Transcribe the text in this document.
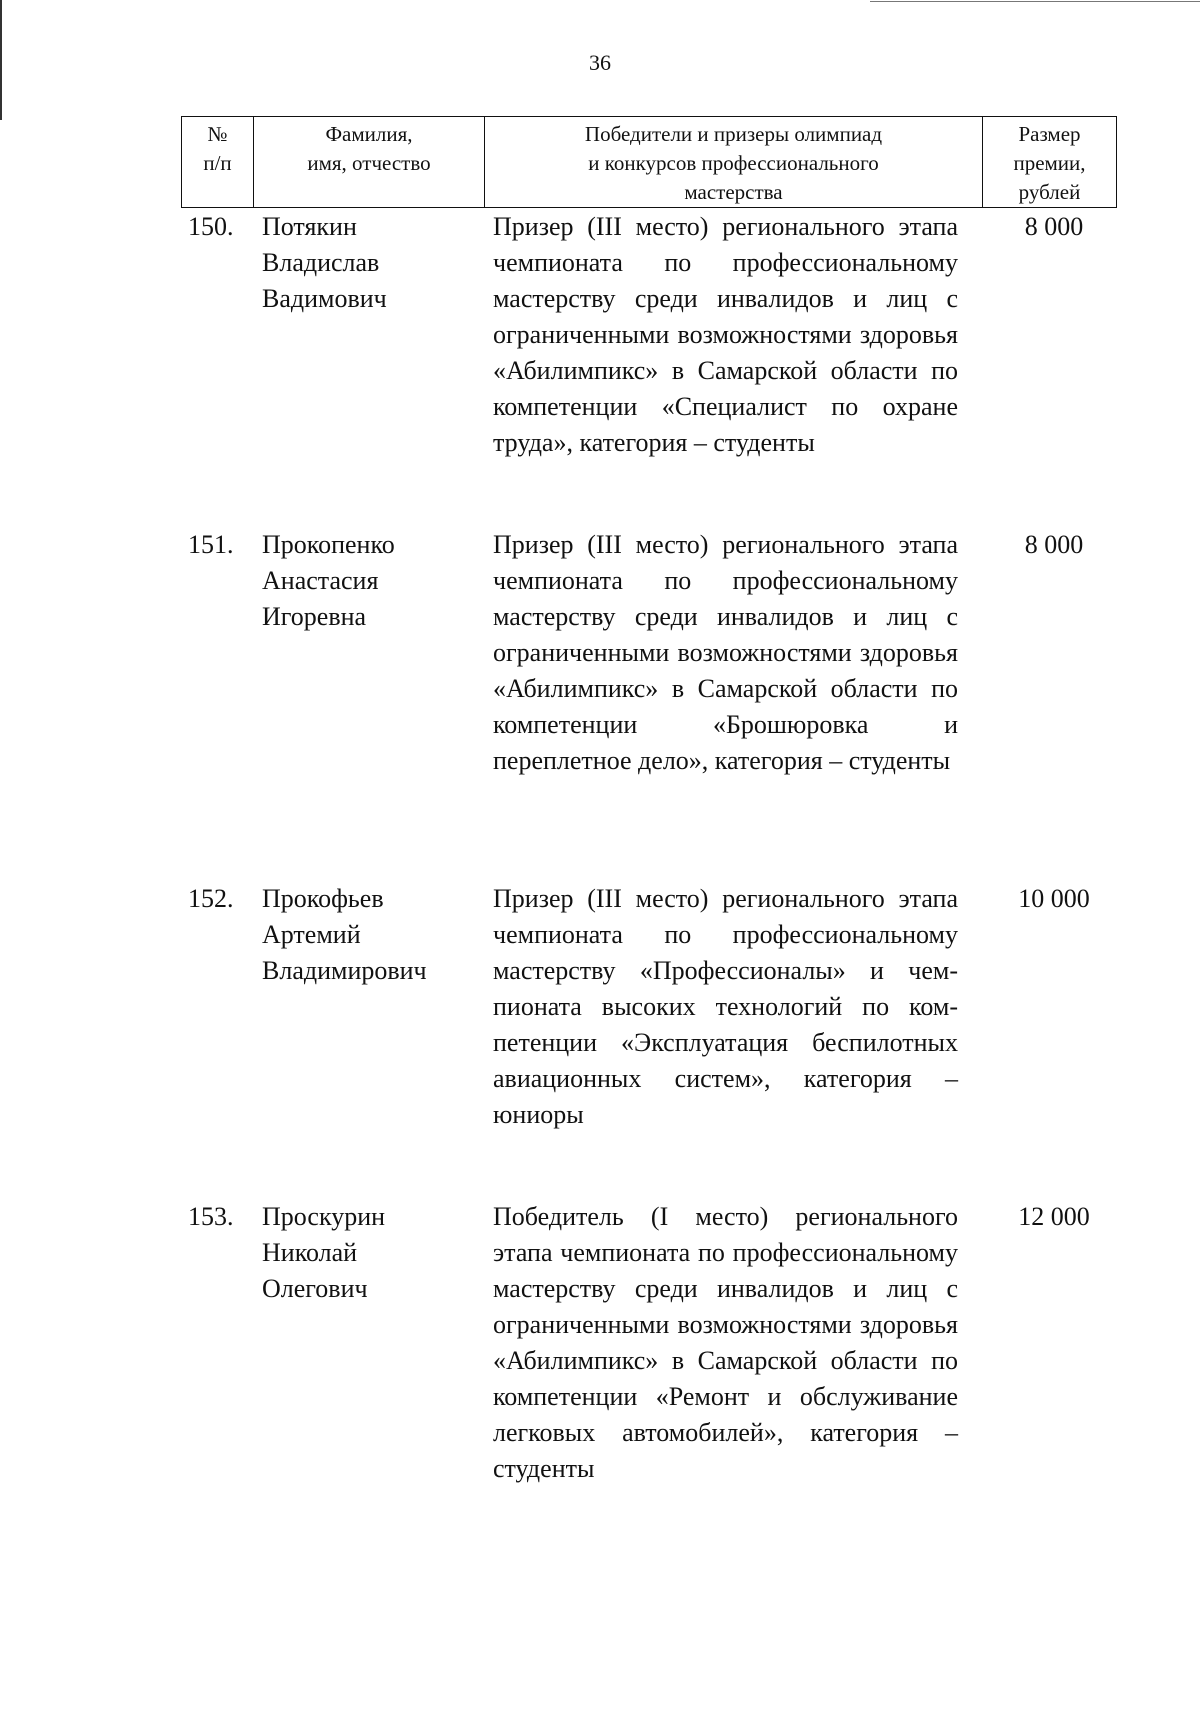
36
№
п/п
Фамилия,
имя, отчество
Победители и призеры олимпиад
и конкурсов профессионального
мастерства
Размер
премии,
рублей
150. Потякин
Владислав
Вадимович
Призер (III место) регионального этапа чемпионата по профессиональному мастерству среди инвалидов и лиц с ограниченными возможностями здоровья «Абилимпикс» в Самарской области по компетенции «Специалист по охране труда», категория – студенты
8 000
151. Прокопенко
Анастасия
Игоревна
Призер (III место) регионального этапа чемпионата по профессиональному мастерству среди инвалидов и лиц с ограниченными возможностями здоровья «Абилимпикс» в Самарской области по компетенции «Брошюровка и переплетное дело», категория – студенты
8 000
152. Прокофьев
Артемий
Владимирович
Призер (III место) регионального этапа чемпионата по профессиональному мастерству «Профессионалы» и чемпионата высоких технологий по компетенции «Эксплуатация беспилотных авиационных систем», категория – юниоры
10 000
153. Проскурин
Николай
Олегович
Победитель (I место) регионального этапа чемпионата по профессиональному мастерству среди инвалидов и лиц с ограниченными возможностями здоровья «Абилимпикс» в Самарской области по компетенции «Ремонт и обслуживание легковых автомобилей», категория – студенты
12 000
